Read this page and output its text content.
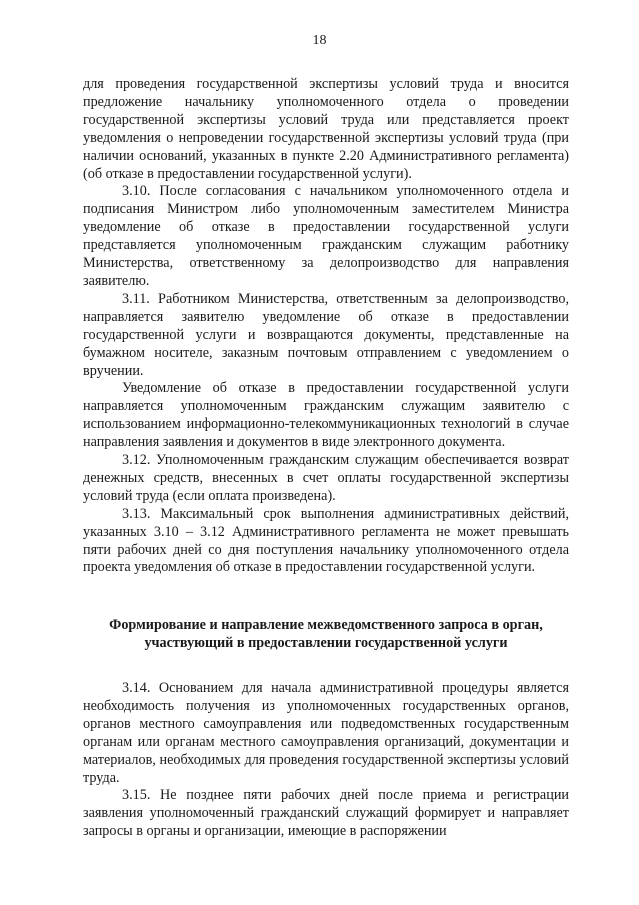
18

для проведения государственной экспертизы условий труда и вносится предложение начальнику уполномоченного отдела о проведении государственной экспертизы условий труда или представляется проект уведомления о непроведении государственной экспертизы условий труда (при наличии оснований, указанных в пункте 2.20 Административного регламента) (об отказе в предоставлении государственной услуги).

3.10. После согласования с начальником уполномоченного отдела и подписания Министром либо уполномоченным заместителем Министра уведомление об отказе в предоставлении государственной услуги представляется уполномоченным гражданским служащим работнику Министерства, ответственному за делопроизводство для направления заявителю.

3.11. Работником Министерства, ответственным за делопроизводство, направляется заявителю уведомление об отказе в предоставлении государственной услуги и возвращаются документы, представленные на бумажном носителе, заказным почтовым отправлением с уведомлением о вручении.

Уведомление об отказе в предоставлении государственной услуги направляется уполномоченным гражданским служащим заявителю с использованием информационно-телекоммуникационных технологий в случае направления заявления и документов в виде электронного документа.

3.12. Уполномоченным гражданским служащим обеспечивается возврат денежных средств, внесенных в счет оплаты государственной экспертизы условий труда (если оплата произведена).

3.13. Максимальный срок выполнения административных действий, указанных 3.10 – 3.12 Административного регламента не может превышать пяти рабочих дней со дня поступления начальнику уполномоченного отдела проекта уведомления об отказе в предоставлении государственной услуги.

Формирование и направление межведомственного запроса в орган, участвующий в предоставлении государственной услуги

3.14. Основанием для начала административной процедуры является необходимость получения из уполномоченных государственных органов, органов местного самоуправления или подведомственных государственным органам или органам местного самоуправления организаций, документации и материалов, необходимых для проведения государственной экспертизы условий труда.

3.15. Не позднее пяти рабочих дней после приема и регистрации заявления уполномоченный гражданский служащий формирует и направляет запросы в органы и организации, имеющие в распоряжении
